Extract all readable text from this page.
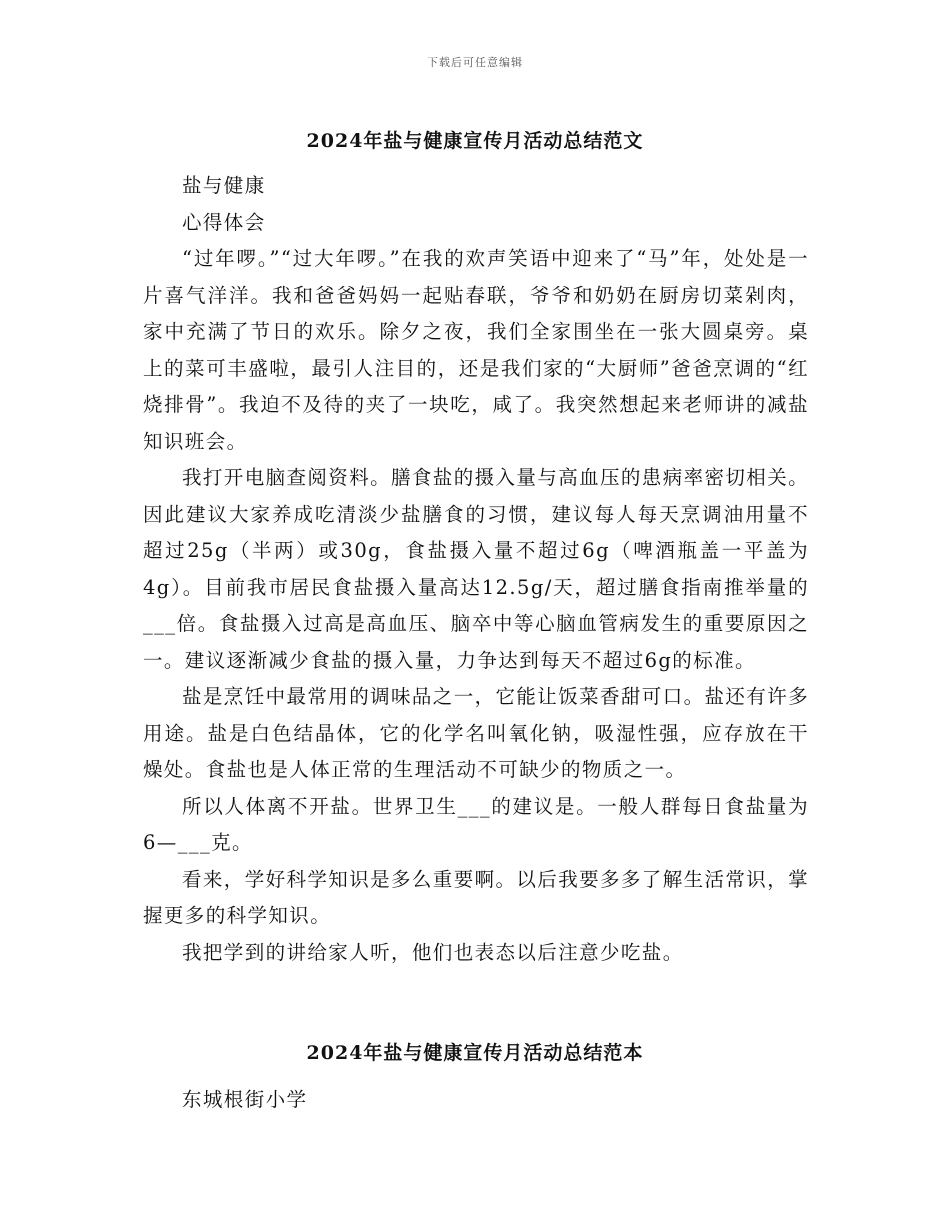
下载后可任意编辑
2024年盐与健康宣传月活动总结范文

盐与健康

心得体会

“过年啰。”“过大年啰。”在我的欢声笑语中迎来了“马”年，处处是一片喜气洋洋。我和爸爸妈妈一起贴春联，爷爷和奶奶在厨房切菜剁肉，家中充满了节日的欢乐。除夕之夜，我们全家围坐在一张大圆桌旁。桌上的菜可丰盛啦，最引人注目的，还是我们家的“大厨师”爸爸烹调的“红烧排骨”。我迫不及待的夹了一块吃，咸了。我突然想起来老师讲的减盐知识班会。

我打开电脑查阅资料。膳食盐的摄入量与高血压的患病率密切相关。因此建议大家养成吃清淡少盐膳食的习惯，建议每人每天烹调油用量不超过25g（半两）或30g，食盐摄入量不超过6g（啤酒瓶盖一平盖为4g）。目前我市居民食盐摄入量高达12.5g/天，超过膳食指南推举量的___倍。食盐摄入过高是高血压、脑卒中等心脑血管病发生的重要原因之一。建议逐渐减少食盐的摄入量，力争达到每天不超过6g的标准。

盐是烹饪中最常用的调味品之一，它能让饭菜香甜可口。盐还有许多用途。盐是白色结晶体，它的化学名叫氧化钠，吸湿性强，应存放在干燥处。食盐也是人体正常的生理活动不可缺少的物质之一。

所以人体离不开盐。世界卫生___的建议是。一般人群每日食盐量为6—___克。

看来，学好科学知识是多么重要啊。以后我要多多了解生活常识，掌握更多的科学知识。

我把学到的讲给家人听，他们也表态以后注意少吃盐。

2024年盐与健康宣传月活动总结范本

东城根街小学
